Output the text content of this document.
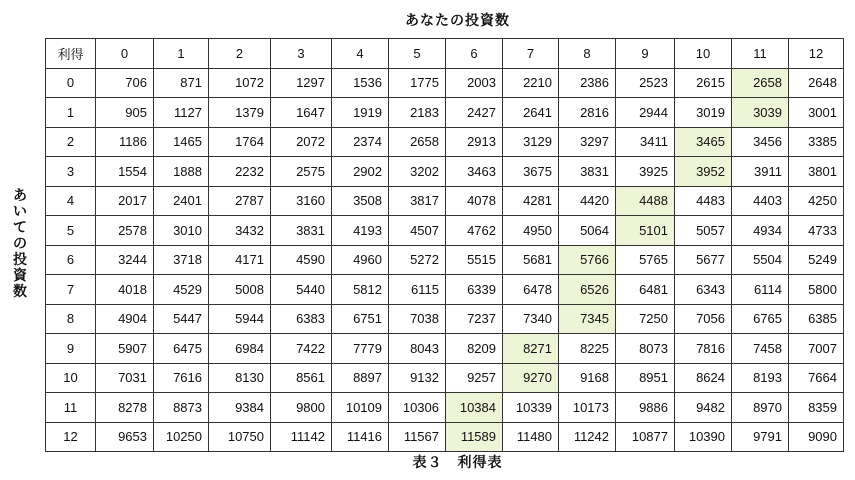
あなたの投資数
あ
い
て
の
投
資
数
利得	0	1	2	3	4	5	6	7	8	9	10	11	12
0	706	871	1072	1297	1536	1775	2003	2210	2386	2523	2615	2658	2648
1	905	1127	1379	1647	1919	2183	2427	2641	2816	2944	3019	3039	3001
2	1186	1465	1764	2072	2374	2658	2913	3129	3297	3411	3465	3456	3385
3	1554	1888	2232	2575	2902	3202	3463	3675	3831	3925	3952	3911	3801
4	2017	2401	2787	3160	3508	3817	4078	4281	4420	4488	4483	4403	4250
5	2578	3010	3432	3831	4193	4507	4762	4950	5064	5101	5057	4934	4733
6	3244	3718	4171	4590	4960	5272	5515	5681	5766	5765	5677	5504	5249
7	4018	4529	5008	5440	5812	6115	6339	6478	6526	6481	6343	6114	5800
8	4904	5447	5944	6383	6751	7038	7237	7340	7345	7250	7056	6765	6385
9	5907	6475	6984	7422	7779	8043	8209	8271	8225	8073	7816	7458	7007
10	7031	7616	8130	8561	8897	9132	9257	9270	9168	8951	8624	8193	7664
11	8278	8873	9384	9800	10109	10306	10384	10339	10173	9886	9482	8970	8359
12	9653	10250	10750	11142	11416	11567	11589	11480	11242	10877	10390	9791	9090
表３　利得表
